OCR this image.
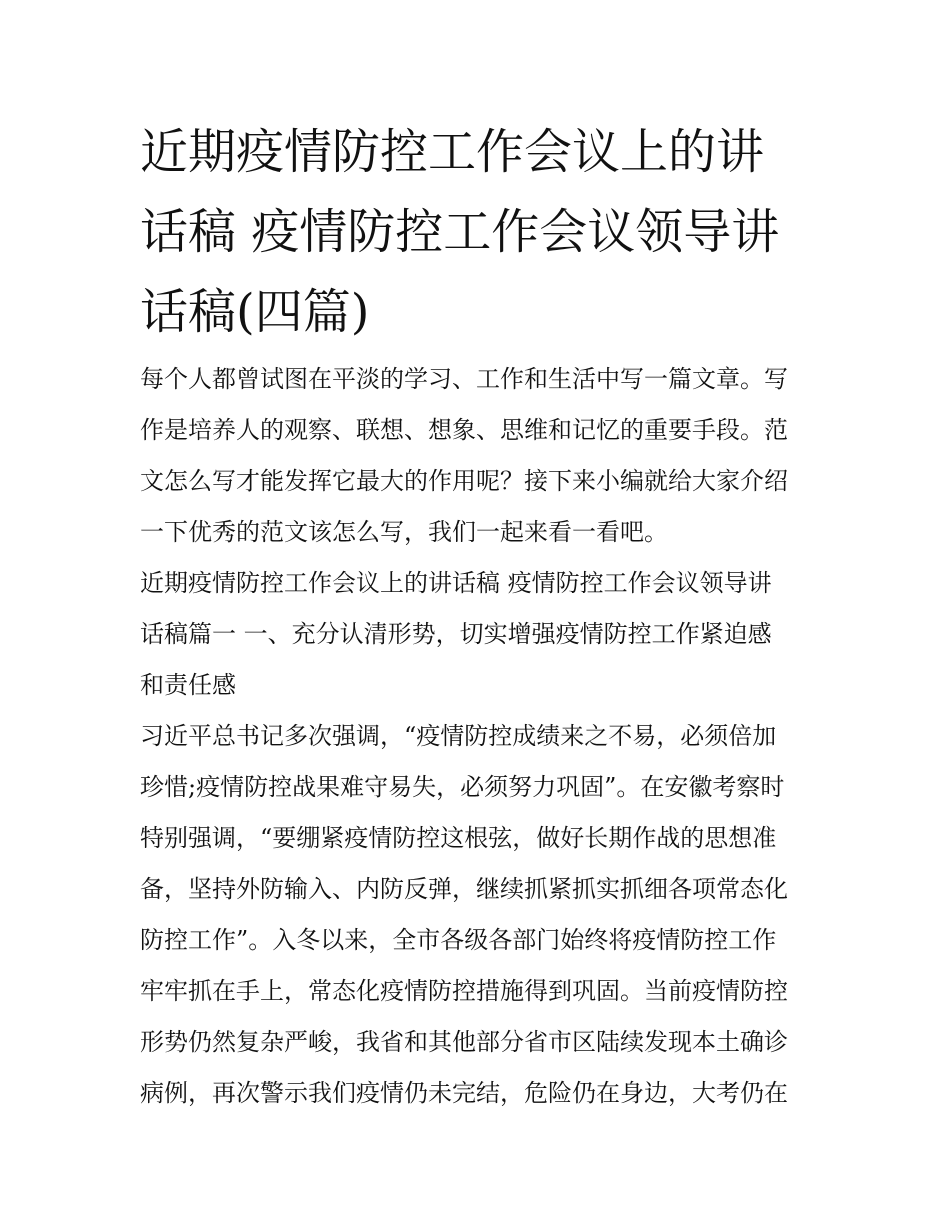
近期疫情防控工作会议上的讲
话稿 疫情防控工作会议领导讲
话稿(四篇)

每个人都曾试图在平淡的学习、工作和生活中写一篇文章。写
作是培养人的观察、联想、想象、思维和记忆的重要手段。范
文怎么写才能发挥它最大的作用呢？接下来小编就给大家介绍
一下优秀的范文该怎么写，我们一起来看一看吧。

近期疫情防控工作会议上的讲话稿 疫情防控工作会议领导讲
话稿篇一 一、充分认清形势，切实增强疫情防控工作紧迫感
和责任感

习近平总书记多次强调，“疫情防控成绩来之不易，必须倍加
珍惜;疫情防控战果难守易失，必须努力巩固”。在安徽考察时
特别强调，“要绷紧疫情防控这根弦，做好长期作战的思想准
备，坚持外防输入、内防反弹，继续抓紧抓实抓细各项常态化
防控工作”。入冬以来，全市各级各部门始终将疫情防控工作
牢牢抓在手上，常态化疫情防控措施得到巩固。当前疫情防控
形势仍然复杂严峻，我省和其他部分省市区陆续发现本土确诊
病例，再次警示我们疫情仍未完结，危险仍在身边，大考仍在
